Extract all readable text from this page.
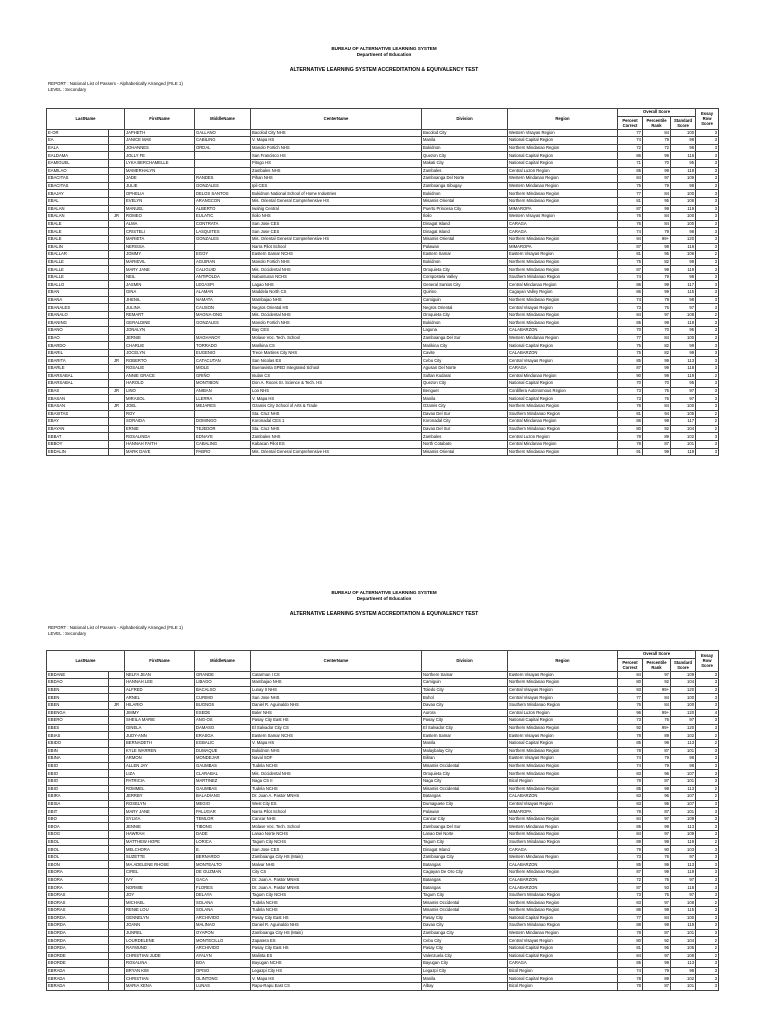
BUREAU OF ALTERNATIVE LEARNING SYSTEM
Department of Education
ALTERNATIVE LEARNING SYSTEM ACCREDITATION & EQUIVALENCY TEST
REPORT : National List of Passers - Alphabetically Arranged (FILE 1)
LEVEL : Secondary
LastName		FirstName	MiddleName	CenterName	Division	Region	Overall Score			Essay Row Score
							Percent Correct	Percentile Rank	Standard Score	
E-OR		JAPHETH	GALLANO	Bacolod City NHS	Bacolod City	Western Visayas Region	77	84	100	3
EA		JANICE MAE	CABILING	V. Mapa HS	Manila	National Capital Region	74	79	98	3
EALA		JOHANNES	ORDAL	Manolo Fortich NHS	Bukidnon	Northern Mindanao Region	72	72	96	3
EALDAMA		JOLLY FE		San Francisco HS	Quezon City	National Capital Region	86	99	116	3
EAMIGUEL		LYKA BERCHAMELLE		Pitogo HS	Makati City	National Capital Region	71	70	95	3
EAMILAO		MAMERHALYN		Zambales NHS	Zambales	Central Luzon Region	85	99	119	3
EBACITAS		JADE	RANDES	Pihan NHS	Zamboanga Del Norte	Western Mindanao Region	84	97	109	3
EBACITAS		JULIE	GONZALES	Ipil CES	Zamboanga Sibugay	Western Mindanao Region	75	79	98	3
EBAJAY		OPHELIA	DELOS SANTOS	Bukidnon National School of Home Industries	Bukidnon	Northern Mindanao Region	77	84	100	3
EBAL		EVELYN	ARANGCON	Mis. Oriental General Comprehensive HS	Misamis Oriental	Northern Mindanao Region	81	95	106	3
EBALAN		MANUEL	ALBERTO	Iwahig Central	Puerto Princesa City	MIMAROPA	87	99	119	3
EBALAN	JR	ROMEO	EULATIC	Iloilo NHS	Iloilo	Western Visayas Region	76	84	100	3
EBALE		ALMA	CONTRATA	San Jose CES	Dinagat Island	CARAGA	76	84	100	3
EBALE		CRISTELI	LASQUITES	San Jose CES	Dinagat Island	CARAGA	74	79	98	3
EBALE		MARIETA	GONZALES	Mis. Oriental General Comprehensive HS	Misamis Oriental	Northern Mindanao Region	94	99+	120	3
EBALIN		NERISSA		Narra Pilot School	Palawan	MIMAROPA	87	99	119	3
EBALLAR		JOMMY	EGOY	Eastern Samar NCHS	Eastern Samar	Eastern Visayas Region	81	95	106	2
EBALLE		MARIEVIL	AGUIRAN	Manolo Fortich NHS	Bukidnon	Northern Mindanao Region	75	82	99	3
EBALLE		MARY JANE	CALIGUID	Mis. Occidental NHS	Oroquieta City	Northern Mindanao Region	87	99	119	3
EBALLE		NEIL	ANTIPOLDA	Nabunturan NCHS	Compostela Valley	Southern Mindanao Region	74	79	98	3
EBALLO		JASMIN	LEGASPI	Lagao NHS	General Santos City	Central Mindanao Region	86	99	117	3
EBAN		GINA	ALAMAN	Maddela North CS	Quirino	Cagayan Valley Region	86	99	115	3
EBANA		JHENIL	NAMATA	Mambajao NHS	Camiguin	Northern Mindanao Region	74	79	98	3
EBANALES		JULINA	CAUSON	Negros Oriental HS	Negros Oriental	Central Visayas Region	73	76	97	3
EBANALO		REMART	MAGNA-ONG	Mis. Occidental NHS	Oroquieta City	Northern Mindanao Region	84	97	108	2
EBANING		GERALDINE	GONZALES	Manolo Fortich NHS	Bukidnon	Northern Mindanao Region	85	99	119	3
EBANO		JONALYN		Bay CES	Laguna	CALABARZON	70	70	95	3
EBAO		JERNIE	MAGHANOY	Molave Voc. Tech. School	Zamboanga Del Sur	Western Mindanao Region	77	84	100	3
EBARDO		CHARLIE	TORRADO	Marikina CS	Marikina City	National Capital Region	75	82	99	3
EBARIL		JOCELYN	EUGENIO	Trece Martires City NHS	Cavite	CALABARZON	75	82	99	3
EBARITA	JR	ROBERTO	CATACUTAN	San Nicolas ES	Cebu City	Central Visayas Region	85	99	113	3
EBARLE		ROSALIE	MIOLE	Buenavista SPED Integrated School	Agusan Del Norte	CARAGA	87	99	118	3
EBARSABAL		ANNIE GRACE	GRIÑO	Isulan CS	Sultan Kudarat	Central Mindanao Region	90	99	119	2
EBARSABAL		HAROLD	MONTIBON	Don A. Roces Sr. Science & Tech. HS	Quezon City	National Capital Region	70	70	95	3
EBAS	JR	LINO	ANIBAN	Loo NHS	Benguet	Cordillera Autonomous Region	73	76	97	3
EBASAN		MIRASOL	LLERRA	V. Mapa HS	Manila	National Capital Region	73	76	97	3
EBASAN	JR	JOEL	MEJARES	Ozamis City School of Arts & Trade	Ozamis City	Northern Mindanao Region	76	84	100	3
EBASITAS		ROY		Sta. Cruz NHS	Davao Del Sur	Southern Mindanao Region	81	94	105	2
EBAY		SORAIDA	DOMINGO	Koronadal CES 1	Koronadal City	Central Mindanao Region	86	99	117	2
EBAYAN		ERNIE	TEJEDOR	Sta. Cruz NHS	Davao Del Sur	Southern Mindanao Region	80	92	104	2
EBBAT		ROSALINDA	EDNAYE	Zambales NHS	Zambales	Central Luzon Region	78	89	102	3
EBBOY		HANNAH FAITH	CABALING	Kabacan Pilot ES	North Cotabato	Central Mindanao Region	78	87	101	3
EBDALIN		MARK DAVE	PABRO	Mis. Oriental General Comprehensive HS	Misamis Oriental	Northern Mindanao Region	91	99	119	3
BUREAU OF ALTERNATIVE LEARNING SYSTEM
Department of Education
ALTERNATIVE LEARNING SYSTEM ACCREDITATION & EQUIVALENCY TEST
REPORT : National List of Passers - Alphabetically Arranged (FILE 1)
LEVEL : Secondary
LastName		FirstName	MiddleName	CenterName	Division	Region	Overall Score			Essay Row Score
							Percent Correct	Percentile Rank	Standard Score	
EBDANE		NELFA JEAN	GRANDE	Catarman I CS	Northern Samar	Eastern Visayas Region	84	97	109	3
EBDAO		HANNAH LEE	LIBAGO	Mambajao NHS	Camiguin	Northern Mindanao Region	80	92	104	3
EBEN		ALFRED	BACALSO	Lunay II NHS	Toledo City	Central Visayas Region	93	99+	120	3
EBEN		ARNEL	CURIMO	San Jose NHS	Bohol	Central Visayas Region	77	84	100	3
EBEN	JR	HILARIO	BUGNOS	Daniel R. Aguinaldo NHS	Davao City	Southern Mindanao Region	76	84	100	3
EBENGA		JIMMY	ESEDE	Baler NHS	Aurora	Central Luzon Region	96	99+	120	4
EBERO		SHEILA MARIE	ANG-OS	Pasay City East HS	Pasay City	National Capital Region	73	76	97	3
EBES		GINELA	DAMASO	El Salvador City CS	El Salvador City	Northern Mindanao Region	92	99+	120	3
EBIAS		JUDY-ANN	ERASGA	Eastern Samar NCHS	Eastern Samar	Eastern Visayas Region	78	89	102	2
EBIDO		BERNADETH	EGBALIC	V. Mapa HS	Manila	National Capital Region	85	99	113	2
EBIN		KYLE WARREN	DUMAQUE	Bukidnon NHS	Malaybalay City	Northern Mindanao Region	78	87	101	3
EBINA		ARMON	MONDEJAR	Naval SOF	Biliran	Eastern Visayas Region	74	79	98	3
EBIO		ALLEN JAY	GAUMBAS	Tudela NCHS	Misamis Occidental	Northern Mindanao Region	74	79	98	3
EBIO		LIZA	CLARABAL	Mis. Occidental NHS	Oroquieta City	Northern Mindanao Region	83	96	107	3
EBIO		PATRICIA	MARTINEZ	Naga CS II	Naga City	Bicol Region	78	87	101	3
EBIO		ROMMEL	GAUMBAS	Tudela NCHS	Misamis Occidental	Northern Mindanao Region	85	99	113	2
EBIRA		JERRBY	BALADIANG	Dr. Juan A. Pastor MNHS	Batangas	CALABARZON	83	96	107	2
EBISA		ROSELYN	MEGIO	West City ES	Dumaguete City	Central Visayas Region	83	96	107	3
EBIT		MARY JANE	PALUGAR	Narra Pilot School	Palawan	MIMAROPA	78	87	101	3
EBO		SYLVIA	TEMLOR	Cancar NHS	Cancar City	Northern Mindanao Region	84	97	109	3
EBOA		JENNIE	TIBONG	Molave Voc. Tech. School	Zamboanga Del Sur	Western Mindanao Region	85	99	113	3
EBOG		HAWRAH	DADE	Lanao Norte NCHS	Lanao Del Norte	Northern Mindanao Region	84	97	109	3
EBOL		MATTHEW HOPE	LORICA	Tagum City NCHS	Tagum City	Southern Mindanao Region	89	99	119	2
EBOL		MELCHORA	E.	San Jose CES	Dinagat Island	CARAGA	79	90	103	3
EBOL		SUZETTE	BERNARDO	Zamboanga City HS (Main)	Zamboanga City	Western Mindanao Region	73	76	97	3
EBON		MA.ADELENE RHOSE	MONTEALTO	Malvar NHS	Batangas	CALABARZON	85	99	113	3
EBORA		CIREL	DE GUZMAN	City CS	Cagayan De Oro City	Northern Mindanao Region	87	99	119	3
EBORA		IVY	GACA	Dr. Juan A. Pastor MNHS	Batangas	CALABARZON	72	76	97	3
EBORA		NORMIE	FLORES	Dr. Juan A. Pastor MNHS	Batangas	CALABARZON	87	93	118	3
EBORAS		JOY	DELAYA	Tagum City NCHS	Tagum City	Southern Mindanao Region	73	76	97	3
EBORAS		MICHAEL	SOLANA	Tudela NCHS	Misamis Occidental	Northern Mindanao Region	83	97	108	2
EBORAS		RENIE LOU	SOLANA	Tudela NCHS	Misamis Occidental	Northern Mindanao Region	86	99	115	3
EBORDA		GENNELYN	ARCHIVIDO	Pasay City East HS	Pasay City	National Capital Region	77	84	100	3
EBORDA		JOANN	MALINAO	Daniel R. Aguinaldo NHS	Davao City	Southern Mindanao Region	88	99	119	3
EBORDA		JUNREL	OYAPON	Zamboanga City HS (Main)	Zamboanga City	Western Mindanao Region	78	87	101	3
EBORDA		LOURDELENE	MONTECILLO	Zapatera ES	Cebu City	Central Visayas Region	80	92	104	2
EBORDA		RAYMUND	ARCHIVIDO	Pasay City East HS	Pasay City	National Capital Region	81	95	106	2
EBORDE		CHRISTIAN JUDE	AYALYN	Malinta ES	Valenzuela City	National Capital Region	84	97	108	2
EBORDE		ROSALINA	BOA	Bayugan NCHS	Bayugan City	CARAGA	85	99	113	3
EBRADA		BRYAN KIM	OPISO	Legazpi City HS	Legazpi City	Bicol Region	74	79	98	3
EBRADA		CHRISTIAN	OLINTONG	V. Mapa HS	Manila	National Capital Region	78	89	102	3
EBRADA		MARIA XENA	LUNAS	Rapu-Rapu East CS	Albay	Bicol Region	78	87	101	3
